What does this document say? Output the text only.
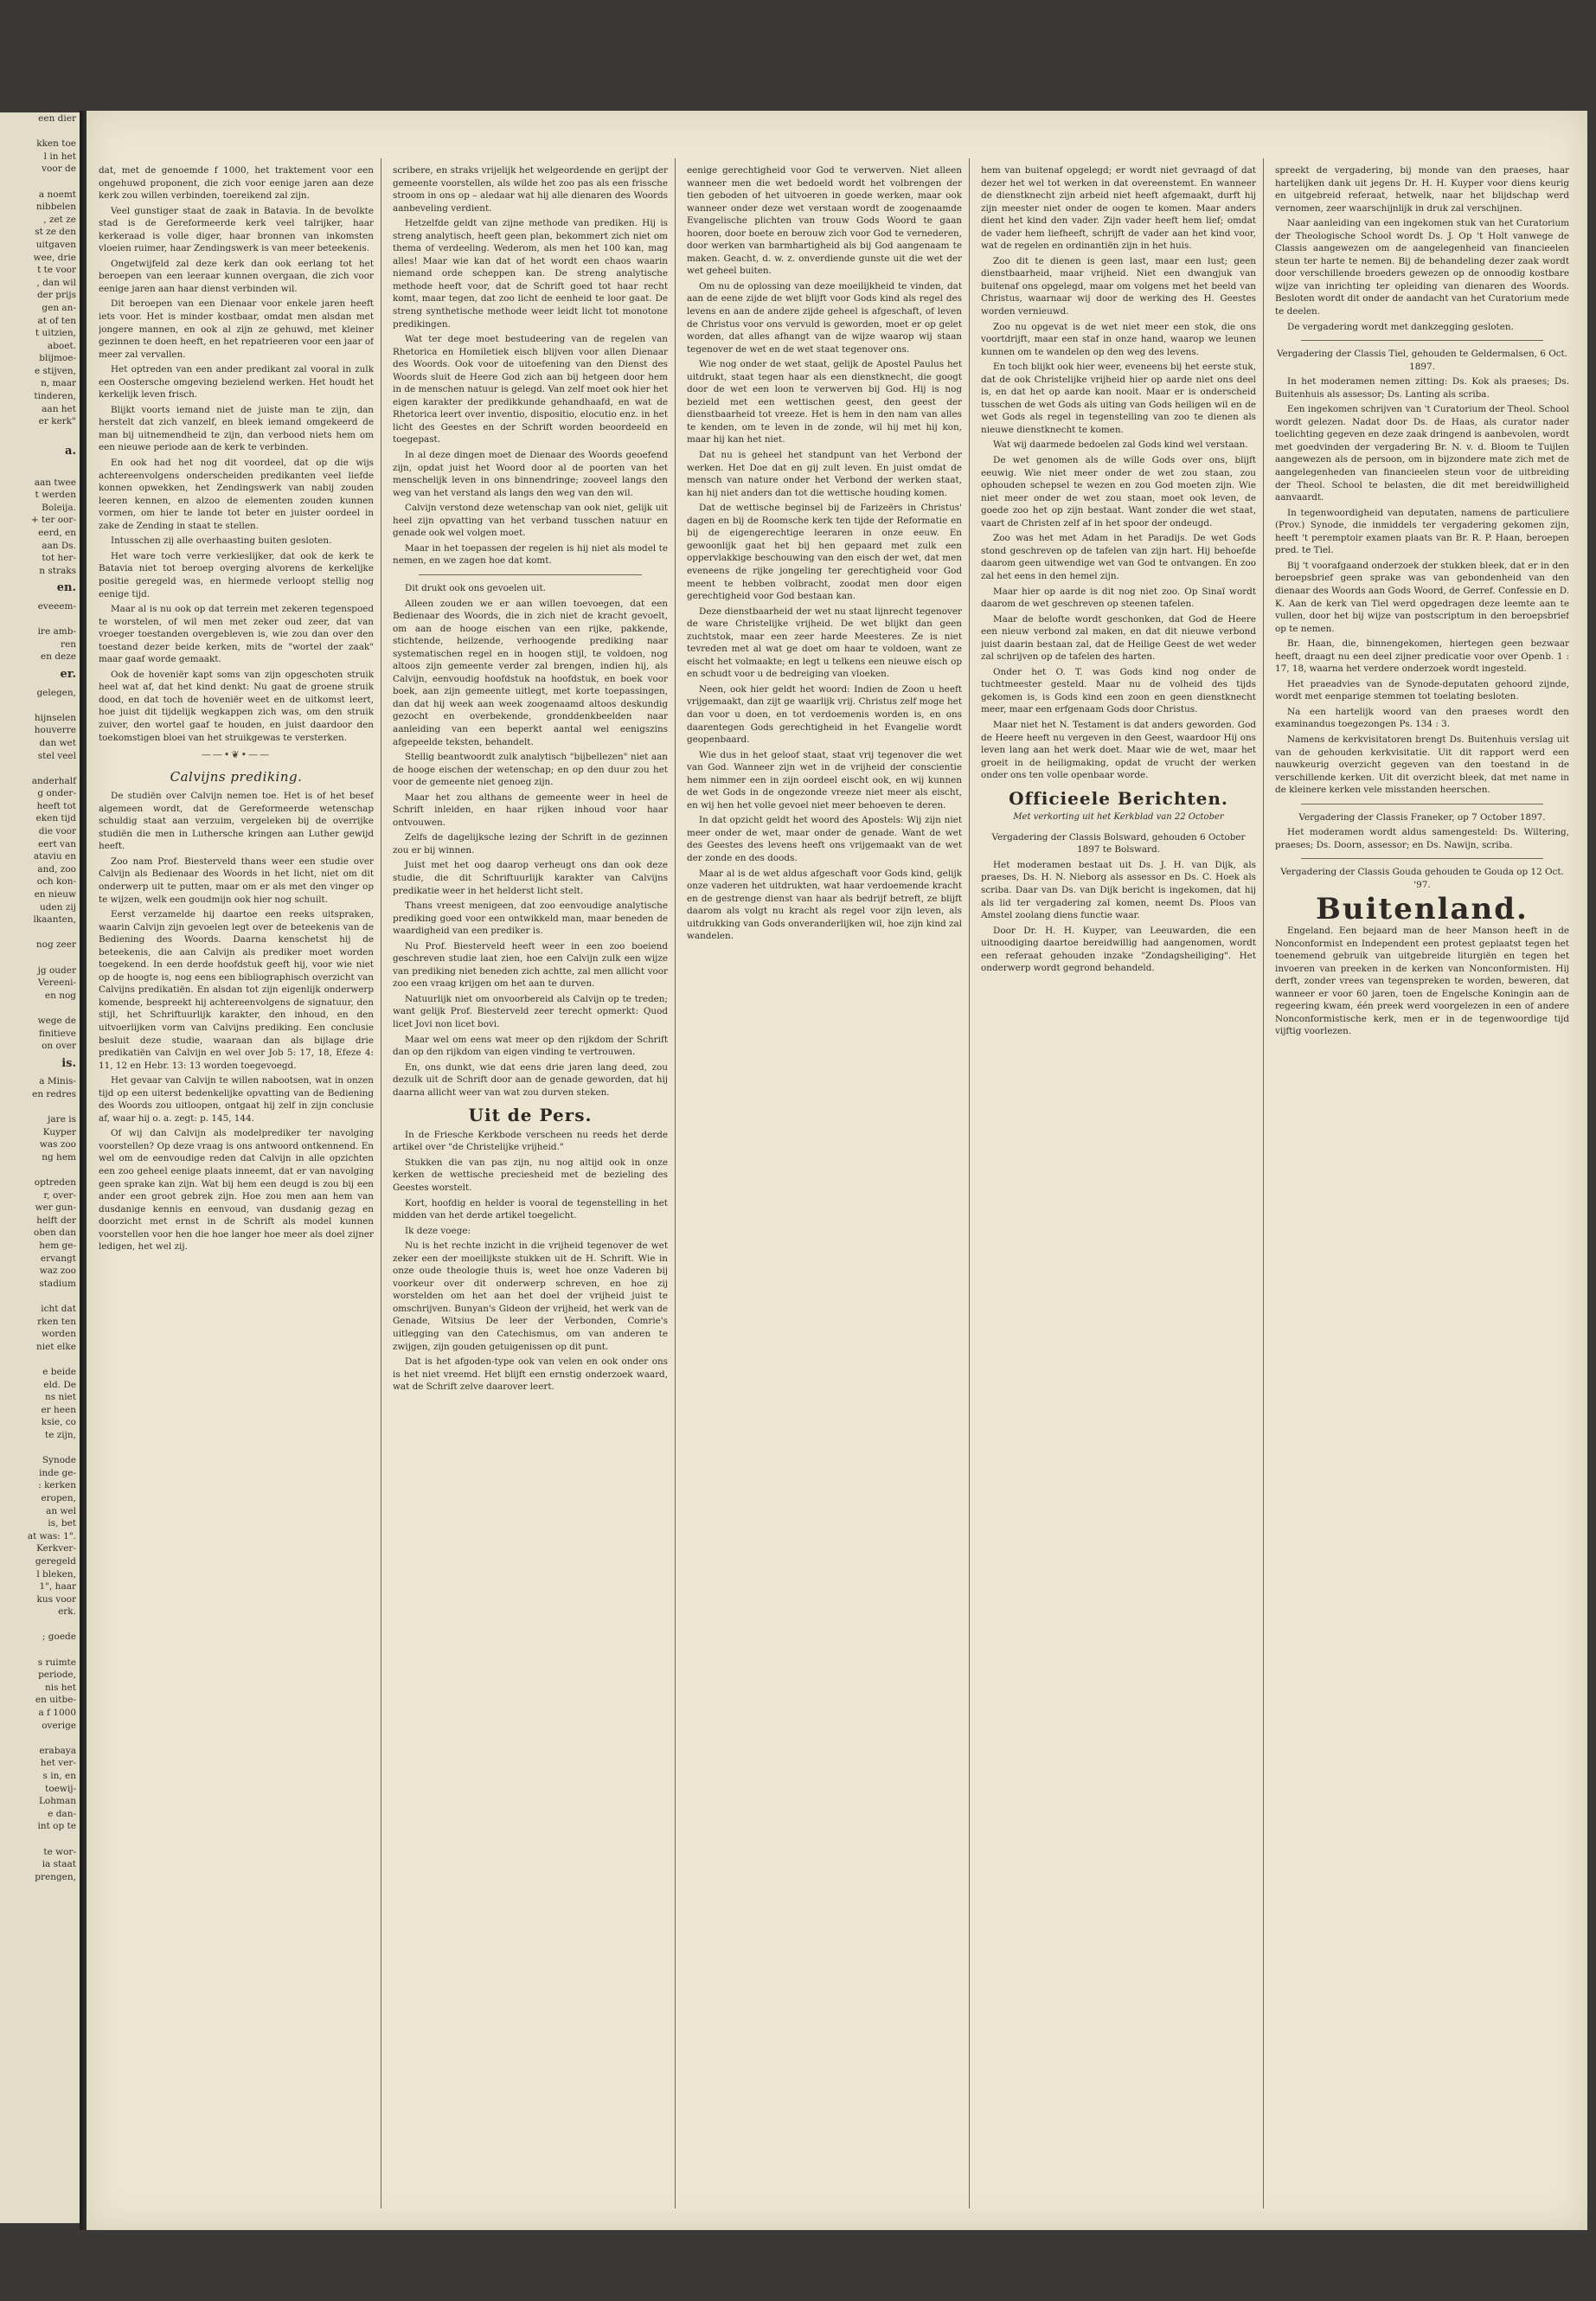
een dier

kken toe
l in het
voor de

a noemt
nibbelen
, zet ze
st ze den
uitgaven
wee, drie
t te voor
, dan wil
der prijs
gen an-
at of ten
t uitzien,
aboet.
blijmoe-
e stijven,
n, maar
tinderen,
aan het
er kerk"

a.

aan twee
t werden
Boleija.
+ ter oor-
eerd, en
aan Ds.
tot her-
n straks
en.
eveeem-

ire amb-
ren
en deze
er.
gelegen,

hijnselen
houverre
dan wet
stel veel

anderhalf
g onder-
heeft tot
eken tijd
die voor
eert van
ataviu en
and, zoo
och kon-
en nieuw
uden zij
lkaanten,

nog zeer

jg ouder
Vereeni-
en nog

wege de
finitieve
on over
is.
a Minis-
en redres

jare is
Kuyper
was zoo
ng hem

optreden
r, over-
wer gun-
helft der
oben dan
hem ge-
ervangt
waz zoo
stadium

icht dat
rken ten
worden
niet elke

e beide
eld. De
ns niet
er heen
ksie, co
te zijn,

Synode
inde ge-
: kerken
eropen,
an wel
is, bet
at was: 1".
Kerkver-
geregeld
l bleken,
1", haar
kus voor
erk.

; goede

s ruimte
periode,
nis het
en uitbe-
a f 1000
overige

erabaya
het ver-
s in, en
toewij-
Lohman
e dan-
int op te

te wor-
ia staat
prengen,

dat, met de genoemde f 1000, het traktement voor een ongehuwd proponent, die zich voor eenige jaren aan deze kerk zou willen verbinden, toereikend zal zijn.

Veel gunstiger staat de zaak in Batavia. In de bevolkte stad is de Gereformeerde kerk veel talrijker, haar kerkeraad is volle diger, haar bronnen van inkomsten vloeien ruimer, haar Zendingswerk is van meer beteekenis.

Ongetwijfeld zal deze kerk dan ook eerlang tot het beroepen van een leeraar kunnen overgaan, die zich voor eenige jaren aan haar dienst verbinden wil.

Dit beroepen van een Dienaar voor enkele jaren heeft iets voor. Het is minder kostbaar, omdat men alsdan met jongere mannen, en ook al zijn ze gehuwd, met kleiner gezinnen te doen heeft, en het repatrieeren voor een jaar of meer zal vervallen.

Het optreden van een ander predikant zal vooral in zulk een Oostersche omgeving bezielend werken. Het houdt het kerkelijk leven frisch.

Blijkt voorts iemand niet de juiste man te zijn, dan herstelt dat zich vanzelf, en bleek iemand omgekeerd de man bij uitnemendheid te zijn, dan verbood niets hem om een nieuwe periode aan de kerk te verbinden.

En ook had het nog dit voordeel, dat op die wijs achtereenvolgens onderscheiden predikanten veel liefde konnen opwekken, het Zendingswerk van nabij zouden leeren kennen, en alzoo de elementen zouden kunnen vormen, om hier te lande tot beter en juister oordeel in zake de Zending in staat te stellen.

Intusschen zij alle overhaasting buiten gesloten.

Het ware toch verre verkieslijker, dat ook de kerk te Batavia niet tot beroep overging alvorens de kerkelijke positie geregeld was, en hiermede verloopt stellig nog eenige tijd.

Maar al is nu ook op dat terrein met zekeren tegenspoed te worstelen, of wil men met zeker oud zeer, dat van vroeger toestanden overgebleven is, wie zou dan over den toestand dezer beide kerken, mits de "wortel der zaak" maar gaaf worde gemaakt.

Ook de hoveniër kapt soms van zijn opgeschoten struik heel wat af, dat het kind denkt: Nu gaat de groene struik dood, en dat toch de hoveniër weet en de uitkomst leert, hoe juist dit tijdelijk wegkappen zich was, om den struik zuiver, den wortel gaaf te houden, en juist daardoor den toekomstigen bloei van het struikgewas te versterken.

——•❦•——
Calvijns prediking.

De studiën over Calvijn nemen toe. Het is of het besef algemeen wordt, dat de Gereformeerde wetenschap schuldig staat aan verzuim, vergeleken bij de overrijke studiën die men in Luthersche kringen aan Luther gewijd heeft.

Zoo nam Prof. Biesterveld thans weer een studie over Calvijn als Bedienaar des Woords in het licht, niet om dit onderwerp uit te putten, maar om er als met den vinger op te wijzen, welk een goudmijn ook hier nog schuilt.

Eerst verzamelde hij daartoe een reeks uitspraken, waarin Calvijn zijn gevoelen legt over de beteekenis van de Bediening des Woords. Daarna kenschetst hij de beteekenis, die aan Calvijn als prediker moet worden toegekend. In een derde hoofdstuk geeft hij, voor wie niet op de hoogte is, nog eens een bibliographisch overzicht van Calvijns predikatiën. En alsdan tot zijn eigenlijk onderwerp komende, bespreekt hij achtereenvolgens de signatuur, den stijl, het Schriftuurlijk karakter, den inhoud, en den uitvoerlijken vorm van Calvijns prediking. Een conclusie besluit deze studie, waaraan dan als bijlage drie predikatiën van Calvijn en wel over Job 5: 17, 18, Efeze 4: 11, 12 en Hebr. 13: 13 worden toegevoegd.

Het gevaar van Calvijn te willen nabootsen, wat in onzen tijd op een uiterst bedenkelijke opvatting van de Bediening des Woords zou uitloopen, ontgaat hij zelf in zijn conclusie af, waar hij o. a. zegt: p. 145, 144.

Of wij dan Calvijn als modelprediker ter navolging voorstellen? Op deze vraag is ons antwoord ontkennend. En wel om de eenvoudige reden dat Calvijn in alle opzichten een zoo geheel eenige plaats inneemt, dat er van navolging geen sprake kan zijn. Wat bij hem een deugd is zou bij een ander een groot gebrek zijn. Hoe zou men aan hem van dusdanige kennis en eenvoud, van dusdanig gezag en doorzicht met ernst in de Schrift als model kunnen voorstellen voor hen die hoe langer hoe meer als doel zijner ledigen, het wel zij.

scribere, en straks vrijelijk het welgeordende en gerijpt der gemeente voorstellen, als wilde het zoo pas als een frissche stroom in ons op – aledaar wat hij alle dienaren des Woords aanbeveling verdient.

Hetzelfde geldt van zijne methode van prediken. Hij is streng analytisch, heeft geen plan, bekommert zich niet om thema of verdeeling. Wederom, als men het 100 kan, mag alles! Maar wie kan dat of het wordt een chaos waarin niemand orde scheppen kan. De streng analytische methode heeft voor, dat de Schrift goed tot haar recht komt, maar tegen, dat zoo licht de eenheid te loor gaat. De streng synthetische methode weer leidt licht tot monotone predikingen.

Wat ter dege moet bestudeering van de regelen van Rhetorica en Homiletiek eisch blijven voor allen Dienaar des Woords. Ook voor de uitoefening van den Dienst des Woords sluit de Heere God zich aan bij hetgeen door hem in de menschen natuur is gelegd. Van zelf moet ook hier het eigen karakter der predikkunde gehandhaafd, en wat de Rhetorica leert over inventio, dispositio, elocutio enz. in het licht des Geestes en der Schrift worden beoordeeld en toegepast.

In al deze dingen moet de Dienaar des Woords geoefend zijn, opdat juist het Woord door al de poorten van het menschelijk leven in ons binnendringe; zooveel langs den weg van het verstand als langs den weg van den wil.

Calvijn verstond deze wetenschap van ook niet, gelijk uit heel zijn opvatting van het verband tusschen natuur en genade ook wel volgen moet.

Maar in het toepassen der regelen is hij niet als model te nemen, en we zagen hoe dat komt.

Dit drukt ook ons gevoelen uit.

Alleen zouden we er aan willen toevoegen, dat een Bedienaar des Woords, die in zich niet de kracht gevoelt, om aan de hooge eischen van een rijke, pakkende, stichtende, heilzende, verhoogende prediking naar systematischen regel en in hoogen stijl, te voldoen, nog altoos zijn gemeente verder zal brengen, indien hij, als Calvijn, eenvoudig hoofdstuk na hoofdstuk, en boek voor boek, aan zijn gemeente uitlegt, met korte toepassingen, dan dat hij week aan week zoogenaamd altoos deskundig gezocht en overbekende, gronddenkbeelden naar aanleiding van een beperkt aantal wel eenigszins afgepeelde teksten, behandelt.

Stellig beantwoordt zulk analytisch "bijbellezen" niet aan de hooge eischen der wetenschap; en op den duur zou het voor de gemeente niet genoeg zijn.

Maar het zou althans de gemeente weer in heel de Schrift inleiden, en haar rijken inhoud voor haar ontvouwen.

Zelfs de dagelijksche lezing der Schrift in de gezinnen zou er bij winnen.

Juist met het oog daarop verheugt ons dan ook deze studie, die dit Schriftuurlijk karakter van Calvijns predikatie weer in het helderst licht stelt.

Thans vreest menigeen, dat zoo eenvoudige analytische prediking goed voor een ontwikkeld man, maar beneden de waardigheid van een prediker is.

Nu Prof. Biesterveld heeft weer in een zoo boeiend geschreven studie laat zien, hoe een Calvijn zulk een wijze van prediking niet beneden zich achtte, zal men allicht voor zoo een vraag krijgen om het aan te durven.

Natuurlijk niet om onvoorbereid als Calvijn op te treden; want gelijk Prof. Biesterveld zeer terecht opmerkt: Quod licet Jovi non licet bovi.

Maar wel om eens wat meer op den rijkdom der Schrift dan op den rijkdom van eigen vinding te vertrouwen.

En, ons dunkt, wie dat eens drie jaren lang deed, zou dezulk uit de Schrift door aan de genade geworden, dat hij daarna allicht weer van wat zou durven steken.

Uit de Pers.

In de Friesche Kerkbode verscheen nu reeds het derde artikel over "de Christelijke vrijheid."

Stukken die van pas zijn, nu nog altijd ook in onze kerken de wettische preciesheid met de bezieling des Geestes worstelt.

Kort, hoofdig en helder is vooral de tegenstelling in het midden van het derde artikel toegelicht.

Ik deze voege:

Nu is het rechte inzicht in die vrijheid tegenover de wet zeker een der moeilijkste stukken uit de H. Schrift. Wie in onze oude theologie thuis is, weet hoe onze Vaderen bij voorkeur over dit onderwerp schreven, en hoe zij worstelden om het aan het doel der vrijheid juist te omschrijven. Bunyan's Gideon der vrijheid, het werk van de Genade, Witsius De leer der Verbonden, Comrie's uitlegging van den Catechismus, om van anderen te zwijgen, zijn gouden getuigenissen op dit punt.

Dat is het afgoden-type ook van velen en ook onder ons is het niet vreemd. Het blijft een ernstig onderzoek waard, wat de Schrift zelve daarover leert.

eenige gerechtigheid voor God te verwerven. Niet alleen wanneer men die wet bedoeld wordt het volbrengen der tien geboden of het uitvoeren in goede werken, maar ook wanneer onder deze wet verstaan wordt de zoogenaamde Evangelische plichten van trouw Gods Woord te gaan hooren, door boete en berouw zich voor God te vernederen, door werken van barmhartigheid als bij God aangenaam te maken. Geacht, d. w. z. onverdiende gunste uit die wet der wet geheel buiten.

Om nu de oplossing van deze moeilijkheid te vinden, dat aan de eene zijde de wet blijft voor Gods kind als regel des levens en aan de andere zijde geheel is afgeschaft, of leven de Christus voor ons vervuld is geworden, moet er op gelet worden, dat alles afhangt van de wijze waarop wij staan tegenover de wet en de wet staat tegenover ons.

Wie nog onder de wet staat, gelijk de Apostel Paulus het uitdrukt, staat tegen haar als een dienstknecht, die googt door de wet een loon te verwerven bij God. Hij is nog bezield met een wettischen geest, den geest der dienstbaarheid tot vreeze. Het is hem in den nam van alles te kenden, om te leven in de zonde, wil hij met hij kon, maar hij kan het niet.

Dat nu is geheel het standpunt van het Verbond der werken. Het Doe dat en gij zult leven. En juist omdat de mensch van nature onder het Verbond der werken staat, kan hij niet anders dan tot die wettische houding komen.

Dat de wettische beginsel bij de Farizeërs in Christus' dagen en bij de Roomsche kerk ten tijde der Reformatie en bij de eigengerechtige leeraren in onze eeuw. En gewoonlijk gaat het bij hen gepaard met zulk een oppervlakkige beschouwing van den eisch der wet, dat men eveneens de rijke jongeling ter gerechtigheid voor God meent te hebben volbracht, zoodat men door eigen gerechtigheid voor God bestaan kan.

Deze dienstbaarheid der wet nu staat lijnrecht tegenover de ware Christelijke vrijheid. De wet blijkt dan geen zuchtstok, maar een zeer harde Meesteres. Ze is niet tevreden met al wat ge doet om haar te voldoen, want ze eischt het volmaakte; en legt u telkens een nieuwe eisch op en schudt voor u de bedreiging van vloeken.

Neen, ook hier geldt het woord: Indien de Zoon u heeft vrijgemaakt, dan zijt ge waarlijk vrij. Christus zelf moge het dan voor u doen, en tot verdoemenis worden is, en ons daarentegen Gods gerechtigheid in het Evangelie wordt geopenbaard.

Wie dus in het geloof staat, staat vrij tegenover die wet van God. Wanneer zijn wet in de vrijheid der conscientie hem nimmer een in zijn oordeel eischt ook, en wij kunnen de wet Gods in de ongezonde vreeze niet meer als eischt, en wij hen het volle gevoel niet meer behoeven te deren.

In dat opzicht geldt het woord des Apostels: Wij zijn niet meer onder de wet, maar onder de genade. Want de wet des Geestes des levens heeft ons vrijgemaakt van de wet der zonde en des doods.

Maar al is de wet aldus afgeschaft voor Gods kind, gelijk onze vaderen het uitdrukten, wat haar verdoemende kracht en de gestrenge dienst van haar als bedrijf betreft, ze blijft daarom als volgt nu kracht als regel voor zijn leven, als uitdrukking van Gods onveranderlijken wil, hoe zijn kind zal wandelen.

hem van buitenaf opgelegd; er wordt niet gevraagd of dat dezer het wel tot werken in dat overeenstemt. En wanneer de dienstknecht zijn arbeid niet heeft afgemaakt, durft hij zijn meester niet onder de oogen te komen. Maar anders dient het kind den vader. Zijn vader heeft hem lief; omdat de vader hem liefheeft, schrijft de vader aan het kind voor, wat de regelen en ordinantiën zijn in het huis.

Zoo dit te dienen is geen last, maar een lust; geen dienstbaarheid, maar vrijheid. Niet een dwangjuk van buitenaf ons opgelegd, maar om volgens met het beeld van Christus, waarnaar wij door de werking des H. Geestes worden vernieuwd.

Zoo nu opgevat is de wet niet meer een stok, die ons voortdrijft, maar een staf in onze hand, waarop we leunen kunnen om te wandelen op den weg des levens.

En toch blijkt ook hier weer, eveneens bij het eerste stuk, dat de ook Christelijke vrijheid hier op aarde niet ons deel is, en dat het op aarde kan nooit. Maar er is onderscheid tusschen de wet Gods als uiting van Gods heiligen wil en de wet Gods als regel in tegenstelling van zoo te dienen als nieuwe dienstknecht te komen.

Wat wij daarmede bedoelen zal Gods kind wel verstaan.

De wet genomen als de wille Gods over ons, blijft eeuwig. Wie niet meer onder de wet zou staan, zou ophouden schepsel te wezen en zou God moeten zijn. Wie niet meer onder de wet zou staan, moet ook leven, de goede zoo het op zijn bestaat. Want zonder die wet staat, vaart de Christen zelf af in het spoor der ondeugd.

Zoo was het met Adam in het Paradijs. De wet Gods stond geschreven op de tafelen van zijn hart. Hij behoefde daarom geen uitwendige wet van God te ontvangen. En zoo zal het eens in den hemel zijn.

Maar hier op aarde is dit nog niet zoo. Op Sinaï wordt daarom de wet geschreven op steenen tafelen.

Maar de belofte wordt geschonken, dat God de Heere een nieuw verbond zal maken, en dat dit nieuwe verbond juist daarin bestaan zal, dat de Heilige Geest de wet weder zal schrijven op de tafelen des harten.

Onder het O. T. was Gods kind nog onder de tuchtmeester gesteld. Maar nu de volheid des tijds gekomen is, is Gods kind een zoon en geen dienstknecht meer, maar een erfgenaam Gods door Christus.

Maar niet het N. Testament is dat anders geworden. God de Heere heeft nu vergeven in den Geest, waardoor Hij ons leven lang aan het werk doet. Maar wie de wet, maar het groeit in de heiligmaking, opdat de vrucht der werken onder ons ten volle openbaar worde.

Officieele Berichten.
Met verkorting uit het Kerkblad van 22 October

Vergadering der Classis Bolsward, gehouden 6 October 1897 te Bolsward.

Het moderamen bestaat uit Ds. J. H. van Dijk, als praeses, Ds. H. N. Nieborg als assessor en Ds. C. Hoek als scriba. Daar van Ds. van Dijk bericht is ingekomen, dat hij als lid ter vergadering zal komen, neemt Ds. Ploos van Amstel zoolang diens functie waar.

Door Dr. H. H. Kuyper, van Leeuwarden, die een uitnoodiging daartoe bereidwillig had aangenomen, wordt een referaat gehouden inzake "Zondagsheiliging". Het onderwerp wordt gegrond behandeld.

spreekt de vergadering, bij monde van den praeses, haar hartelijken dank uit jegens Dr. H. H. Kuyper voor diens keurig en uitgebreid referaat, hetwelk, naar het blijdschap werd vernomen, zeer waarschijnlijk in druk zal verschijnen.

Naar aanleiding van een ingekomen stuk van het Curatorium der Theologische School wordt Ds. J. Op 't Holt vanwege de Classis aangewezen om de aangelegenheid van financieelen steun ter harte te nemen. Bij de behandeling dezer zaak wordt door verschillende broeders gewezen op de onnoodig kostbare wijze van inrichting ter opleiding van dienaren des Woords. Besloten wordt dit onder de aandacht van het Curatorium mede te deelen.

De vergadering wordt met dankzegging gesloten.

Vergadering der Classis Tiel, gehouden te Geldermalsen, 6 Oct. 1897.

In het moderamen nemen zitting: Ds. Kok als praeses; Ds. Buitenhuis als assessor; Ds. Lanting als scriba.

Een ingekomen schrijven van 't Curatorium der Theol. School wordt gelezen. Nadat door Ds. de Haas, als curator nader toelichting gegeven en deze zaak dringend is aanbevolen, wordt met goedvinden der vergadering Br. N. v. d. Bloom te Tuijlen aangewezen als de persoon, om in bijzondere mate zich met de aangelegenheden van financieelen steun voor de uitbreiding der Theol. School te belasten, die dit met bereidwilligheid aanvaardt.

In tegenwoordigheid van deputaten, namens de particuliere (Prov.) Synode, die inmiddels ter vergadering gekomen zijn, heeft 't peremptoir examen plaats van Br. R. P. Haan, beroepen pred. te Tiel.

Bij 't voorafgaand onderzoek der stukken bleek, dat er in den beroepsbrief geen sprake was van gebondenheid van den dienaar des Woords aan Gods Woord, de Gerref. Confessie en D. K. Aan de kerk van Tiel werd opgedragen deze leemte aan te vullen, door het bij wijze van postscriptum in den beroepsbrief op te nemen.

Br. Haan, die, binnengekomen, hiertegen geen bezwaar heeft, draagt nu een deel zijner predicatie voor over Openb. 1 : 17, 18, waarna het verdere onderzoek wordt ingesteld.

Het praeadvies van de Synode-deputaten gehoord zijnde, wordt met eenparige stemmen tot toelating besloten.

Na een hartelijk woord van den praeses wordt den examinandus toegezongen Ps. 134 : 3.

Namens de kerkvisitatoren brengt Ds. Buitenhuis verslag uit van de gehouden kerkvisitatie. Uit dit rapport werd een nauwkeurig overzicht gegeven van den toestand in de verschillende kerken. Uit dit overzicht bleek, dat met name in de kleinere kerken vele misstanden heerschen.

Vergadering der Classis Franeker, op 7 October 1897.

Het moderamen wordt aldus samengesteld: Ds. Wiltering, praeses; Ds. Doorn, assessor; en Ds. Nawijn, scriba.

Vergadering der Classis Gouda gehouden te Gouda op 12 Oct. '97.

Buitenland.

Engeland. Een bejaard man de heer Manson heeft in de Nonconformist en Independent een protest geplaatst tegen het toenemend gebruik van uitgebreide liturgiën en tegen het invoeren van preeken in de kerken van Nonconformisten. Hij derft, zonder vrees van tegenspreken te worden, beweren, dat wanneer er voor 60 jaren, toen de Engelsche Koningin aan de regeering kwam, één preek werd voorgelezen in een of andere Nonconformistische kerk, men er in de tegenwoordige tijd vijftig voorlezen.
